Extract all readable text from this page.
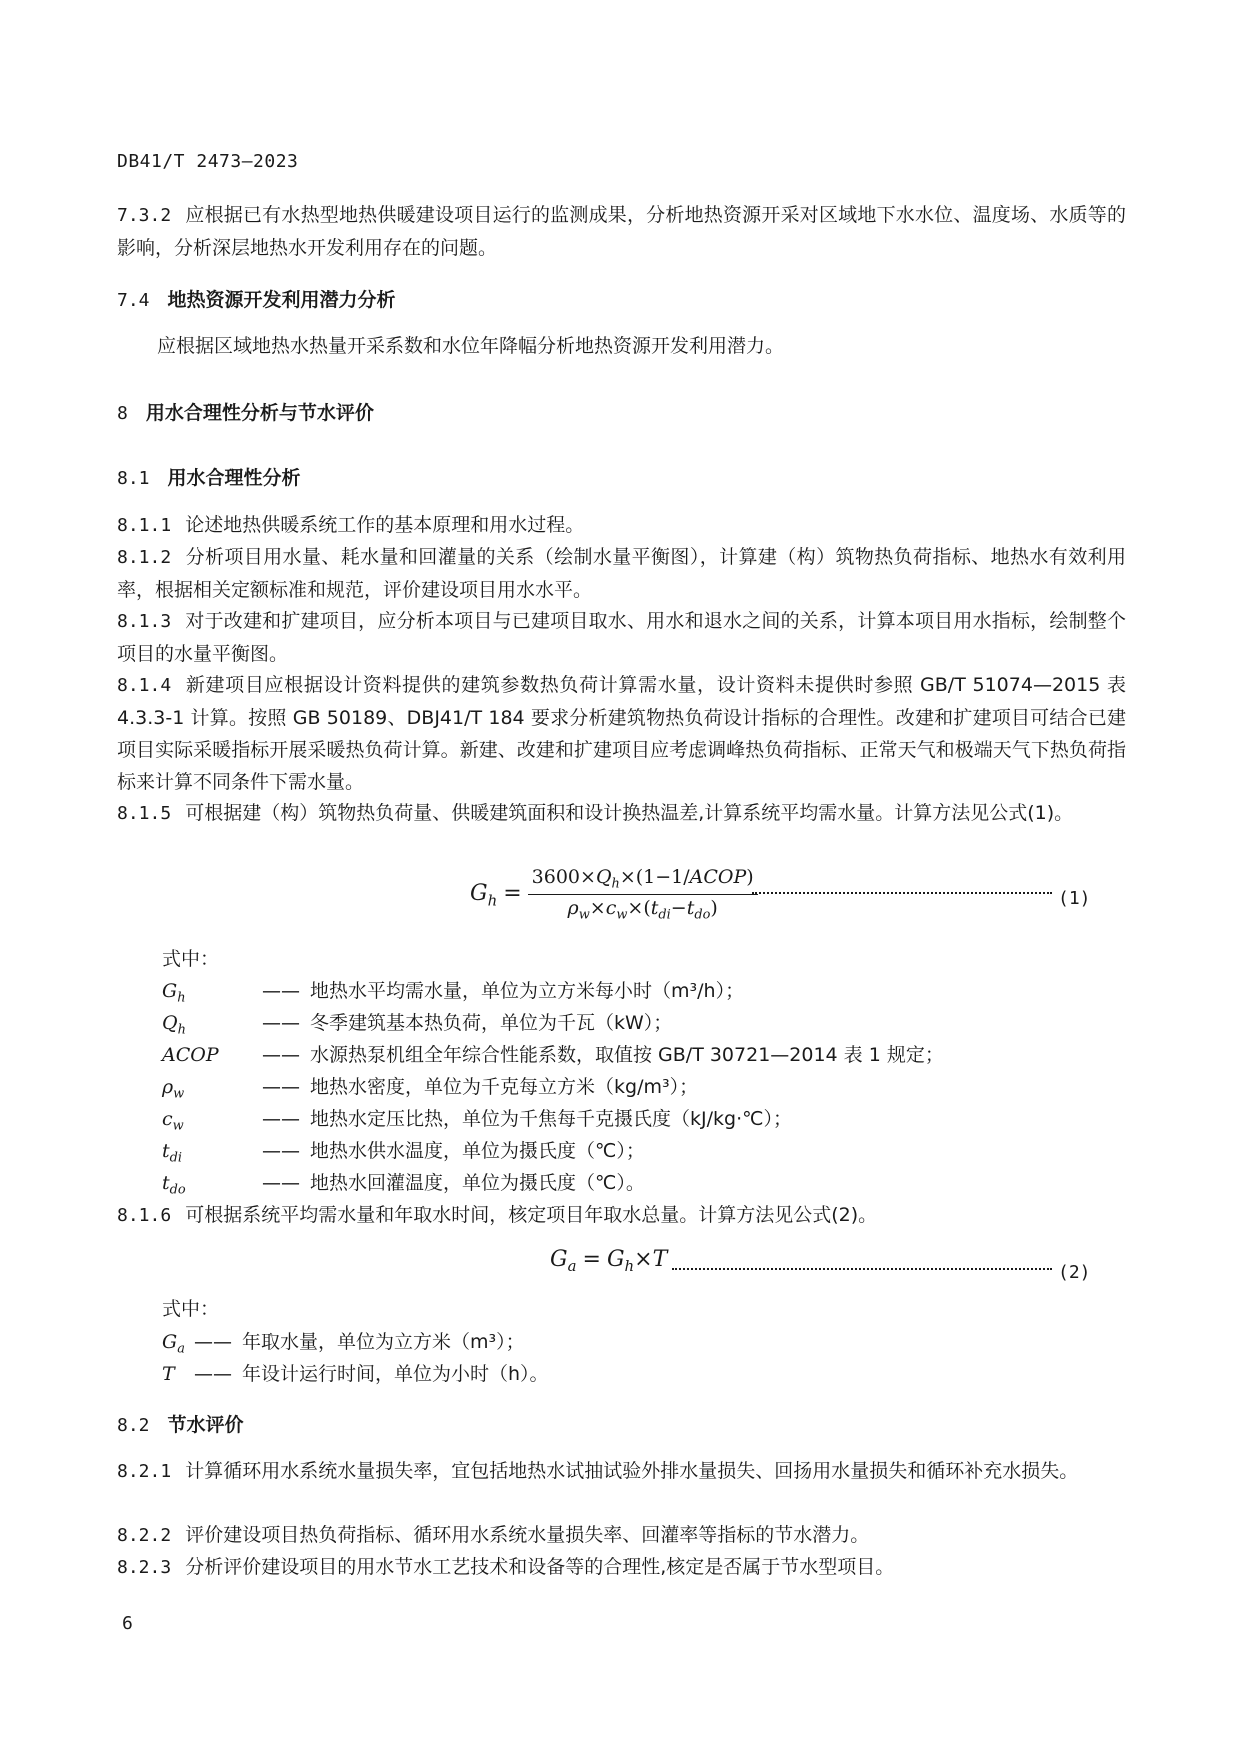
DB41/T 2473—2023
7.3.2 应根据已有水热型地热供暖建设项目运行的监测成果，分析地热资源开采对区域地下水水位、温度场、水质等的影响，分析深层地热水开发利用存在的问题。
7.4 地热资源开发利用潜力分析
应根据区域地热水热量开采系数和水位年降幅分析地热资源开发利用潜力。
8 用水合理性分析与节水评价
8.1 用水合理性分析
8.1.1 论述地热供暖系统工作的基本原理和用水过程。
8.1.2 分析项目用水量、耗水量和回灌量的关系（绘制水量平衡图），计算建（构）筑物热负荷指标、地热水有效利用率，根据相关定额标准和规范，评价建设项目用水水平。
8.1.3 对于改建和扩建项目，应分析本项目与已建项目取水、用水和退水之间的关系，计算本项目用水指标，绘制整个项目的水量平衡图。
8.1.4 新建项目应根据设计资料提供的建筑参数热负荷计算需水量，设计资料未提供时参照 GB/T 51074—2015 表 4.3.3-1 计算。按照 GB 50189、DBJ41/T 184 要求分析建筑物热负荷设计指标的合理性。改建和扩建项目可结合已建项目实际采暖指标开展采暖热负荷计算。新建、改建和扩建项目应考虑调峰热负荷指标、正常天气和极端天气下热负荷指标来计算不同条件下需水量。
8.1.5 可根据建（构）筑物热负荷量、供暖建筑面积和设计换热温差,计算系统平均需水量。计算方法见公式(1)。
$G_h = \frac{3600\times Q_h\times(1-1/ACOP)}{\rho_w\times c_w\times(t_{di}-t_{do})}$	(1)
式中：
$G_h$	—— 地热水平均需水量，单位为立方米每小时（m³/h）；
$Q_h$	—— 冬季建筑基本热负荷，单位为千瓦（kW）；
ACOP —— 水源热泵机组全年综合性能系数，取值按 GB/T 30721—2014 表 1 规定；
$\rho_w$	—— 地热水密度，单位为千克每立方米（kg/m³）；
$c_w$	—— 地热水定压比热，单位为千焦每千克摄氏度（kJ/kg·℃）；
$t_{di}$	—— 地热水供水温度，单位为摄氏度（℃）；
$t_{do}$	—— 地热水回灌温度，单位为摄氏度（℃）。
8.1.6 可根据系统平均需水量和年取水时间，核定项目年取水总量。计算方法见公式(2)。
$G_a = G_h\times T$
(2)
式中：
$G_a$ —— 年取水量，单位为立方米（m³）；
T —— 年设计运行时间，单位为小时（h）。
8.2 节水评价
8.2.1 计算循环用水系统水量损失率，宜包括地热水试抽试验外排水量损失、回扬用水量损失和循环补充水损失。
8.2.2 评价建设项目热负荷指标、循环用水系统水量损失率、回灌率等指标的节水潜力。
8.2.3 分析评价建设项目的用水节水工艺技术和设备等的合理性,核定是否属于节水型项目。
6
